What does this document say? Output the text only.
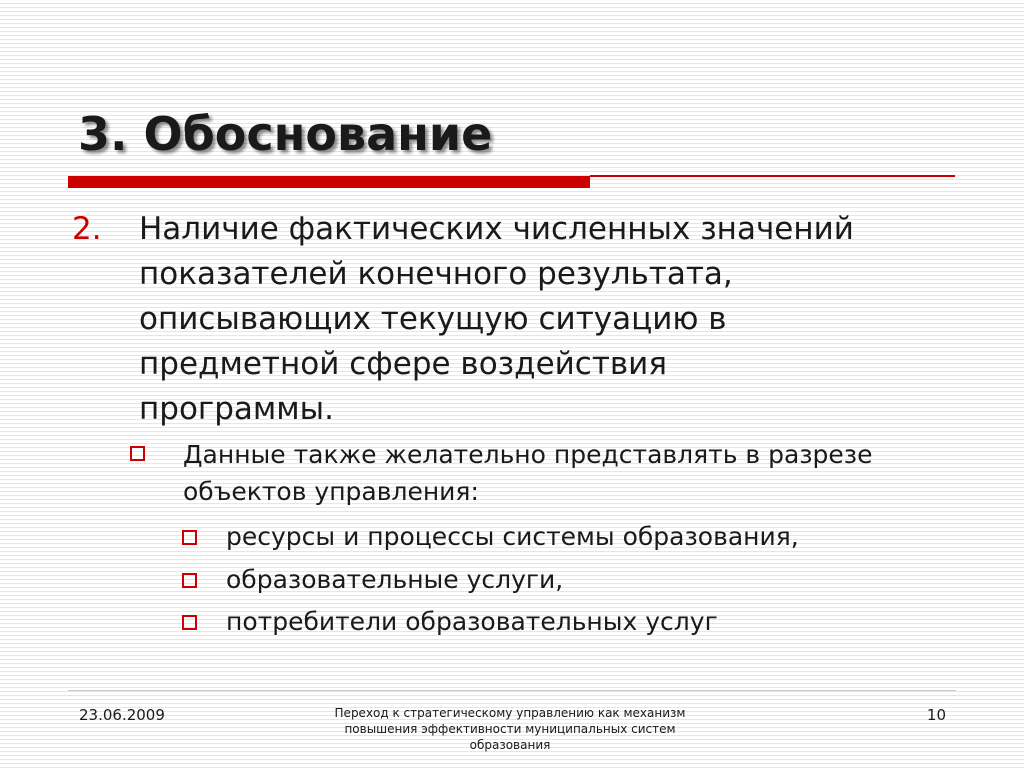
3. Обоснование
2. Наличие фактических численных значений показателей конечного результата, описывающих текущую ситуацию в предметной сфере воздействия программы.
Данные также желательно представлять в разрезе объектов управления:
ресурсы и процессы системы образования,
образовательные услуги,
потребители образовательных услуг
23.06.2009	Переход к стратегическому управлению как механизм повышения эффективности муниципальных систем образования
10
